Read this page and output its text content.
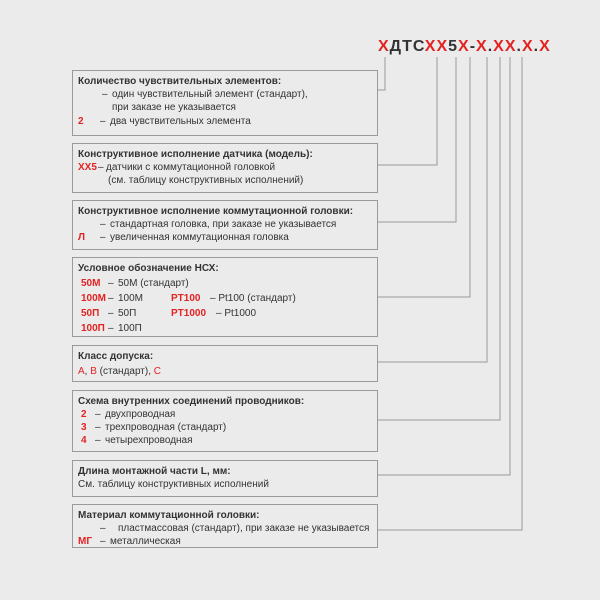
ХДТСХХ5Х-Х.ХХ.Х.Х
Количество чувствительных элементов:
– один чувствительный элемент (стандарт),
при заказе не указывается
2 – два чувствительных элемента
Конструктивное исполнение датчика (модель):
ХХ5 – датчики с коммутационной головкой
(см. таблицу конструктивных исполнений)
Конструктивное исполнение коммутационной головки:
– стандартная головка, при заказе не указывается
Л – увеличенная коммутационная головка
Условное обозначение НСХ:
50М – 50М (стандарт)
100М – 100М	PT100 – Pt100 (стандарт)
50П – 50П	PT1000 – Pt1000
100П – 100П
Класс допуска:
А, В (стандарт), С
Схема внутренних соединений проводников:
2 – двухпроводная
3 – трехпроводная (стандарт)
4 – четырехпроводная
Длина монтажной части L, мм:
См. таблицу конструктивных исполнений
Материал коммутационной головки:
– пластмассовая (стандарт), при заказе не указывается
МГ – металлическая
